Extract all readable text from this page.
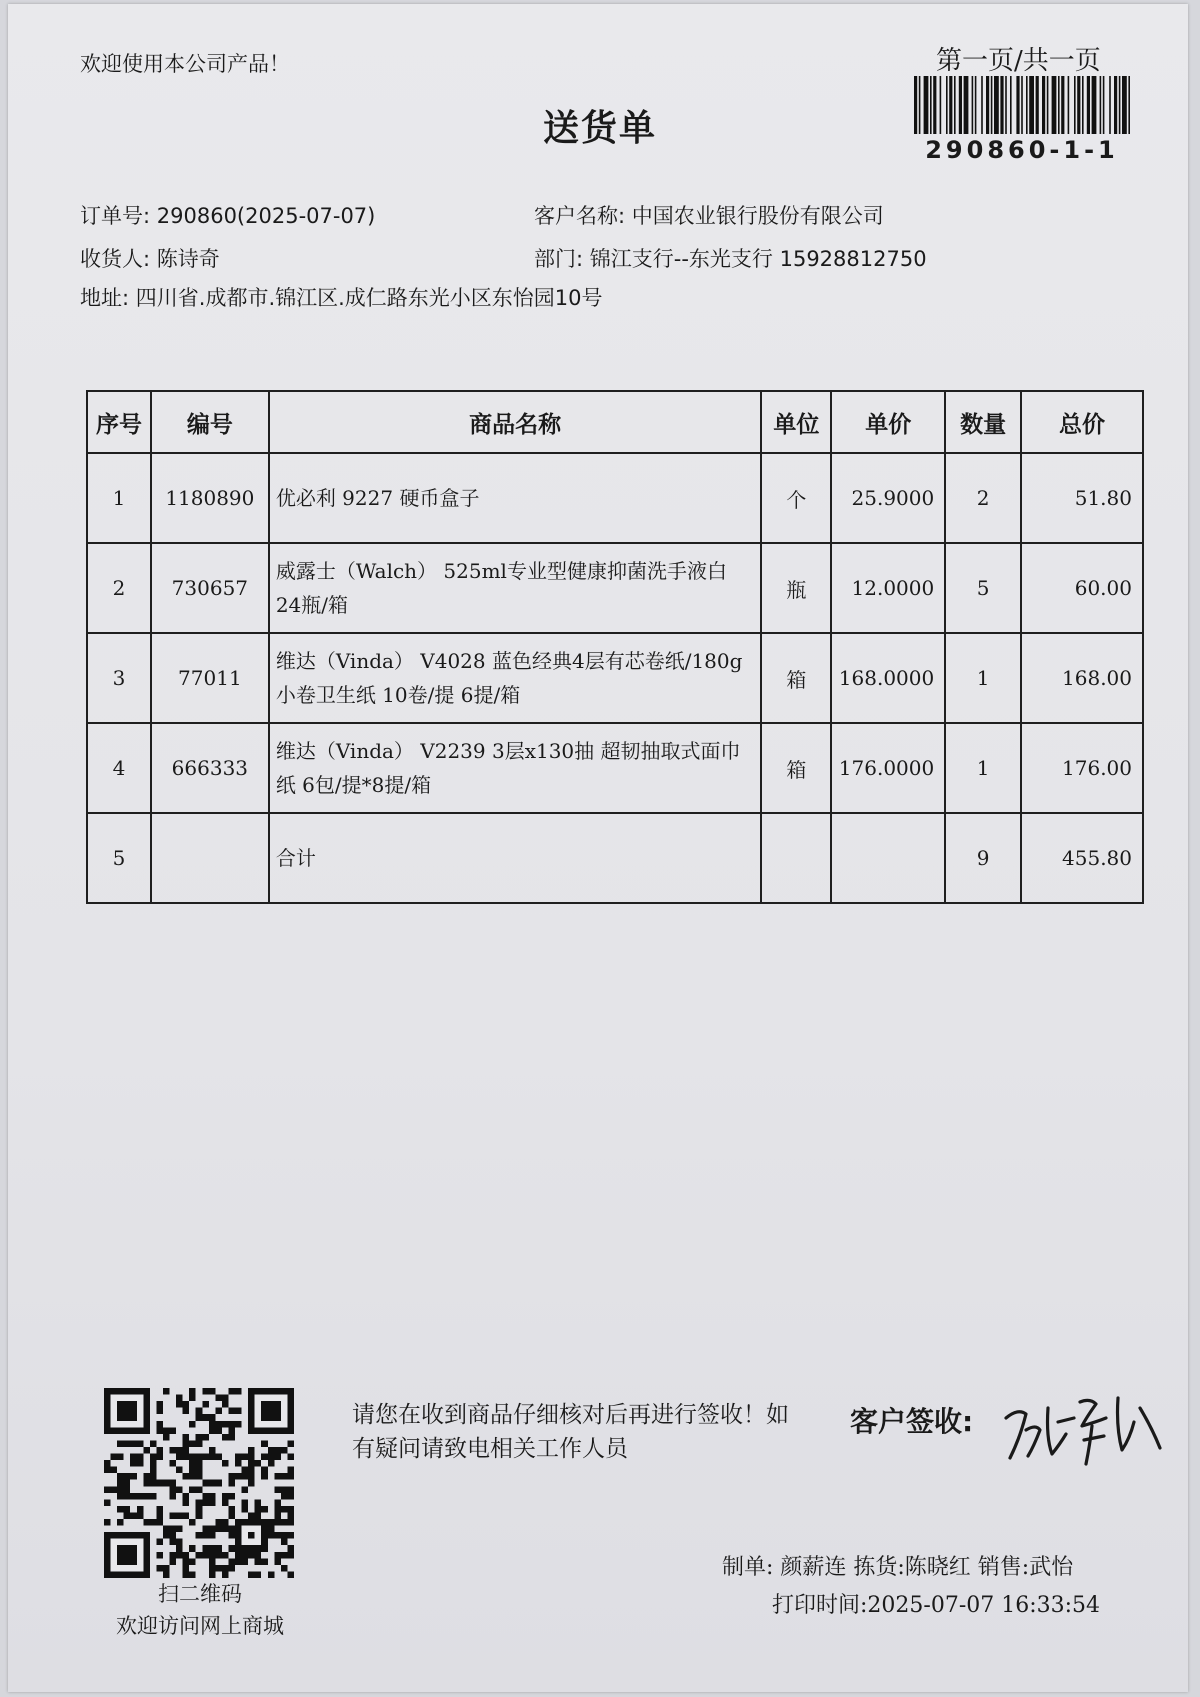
欢迎使用本公司产品！	第一页/共一页
送货单
290860-1-1
订单号: 290860(2025-07-07)	客户名称: 中国农业银行股份有限公司
收货人: 陈诗奇	部门: 锦江支行--东光支行 15928812750
地址: 四川省.成都市.锦江区.成仁路东光小区东怡园10号
序号	编号	商品名称	单位	单价	数量	总价
1	1180890	优必利 9227 硬币盒子	个	25.9000	2	51.80
2	730657	威露士（Walch） 525ml专业型健康抑菌洗手液白 24瓶/箱	瓶	12.0000	5	60.00
3	77011	维达（Vinda） V4028 蓝色经典4层有芯卷纸/180g小卷卫生纸 10卷/提 6提/箱	箱	168.0000	1	168.00
4	666333	维达（Vinda） V2239 3层x130抽 超韧抽取式面巾纸 6包/提*8提/箱	箱	176.0000	1	176.00
5		合计			9	455.80
扫二维码
欢迎访问网上商城
请您在收到商品仔细核对后再进行签收！如有疑问请致电相关工作人员
客户签收:
制单: 颜薪连 拣货:陈晓红 销售:武怡
打印时间:2025-07-07 16:33:54
